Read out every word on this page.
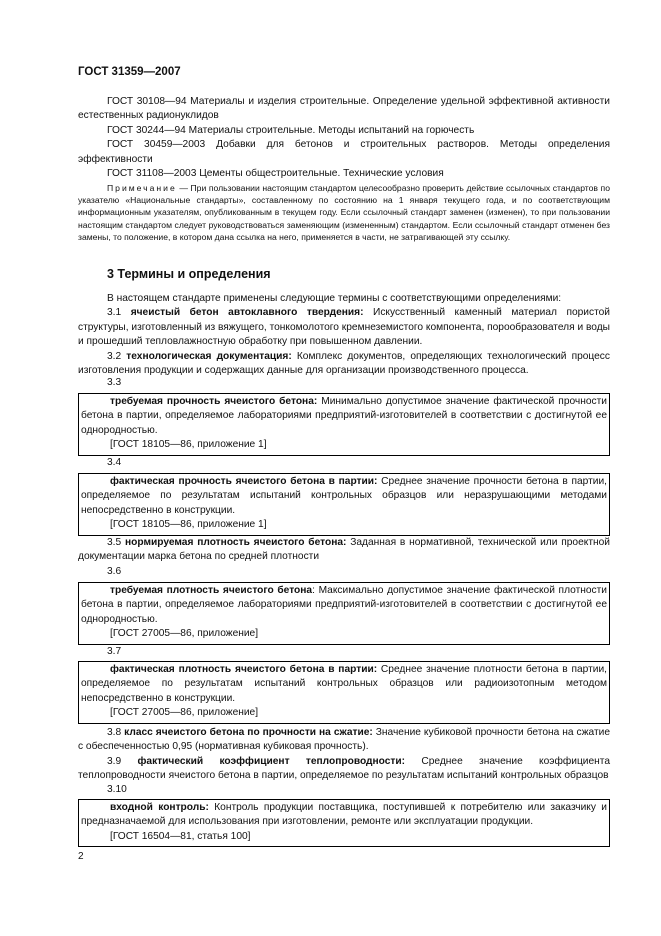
ГОСТ 31359—2007

ГОСТ 30108—94 Материалы и изделия строительные. Определение удельной эффективной активности естественных радионуклидов

ГОСТ 30244—94 Материалы строительные. Методы испытаний на горючесть

ГОСТ 30459—2003 Добавки для бетонов и строительных растворов. Методы определения эффективности

ГОСТ 31108—2003 Цементы общестроительные. Технические условия

Примечание — При пользовании настоящим стандартом целесообразно проверить действие ссылочных стандартов по указателю «Национальные стандарты», составленному по состоянию на 1 января текущего года, и по соответствующим информационным указателям, опубликованным в текущем году. Если ссылочный стандарт заменен (изменен), то при пользовании настоящим стандартом следует руководствоваться заменяющим (измененным) стандартом. Если ссылочный стандарт отменен без замены, то положение, в котором дана ссылка на него, применяется в части, не затрагивающей эту ссылку.
3 Термины и определения

В настоящем стандарте применены следующие термины с соответствующими определениями:

3.1 ячеистый бетон автоклавного твердения: Искусственный каменный материал пористой структуры, изготовленный из вяжущего, тонкомолотого кремнеземистого компонента, порообразователя и воды и прошедший тепловлажностную обработку при повышенном давлении.

3.2 технологическая документация: Комплекс документов, определяющих технологический процесс изготовления продукции и содержащих данные для организации производственного процесса.

3.3

требуемая прочность ячеистого бетона: Минимально допустимое значение фактической прочности бетона в партии, определяемое лабораториями предприятий-изготовителей в соответствии с достигнутой ее однородностью.

[ГОСТ 18105—86, приложение 1]

3.4

фактическая прочность ячеистого бетона в партии: Среднее значение прочности бетона в партии, определяемое по результатам испытаний контрольных образцов или неразрушающими методами непосредственно в конструкции.

[ГОСТ 18105—86, приложение 1]

3.5 нормируемая плотность ячеистого бетона: Заданная в нормативной, технической или проектной документации марка бетона по средней плотности

3.6

требуемая плотность ячеистого бетона: Максимально допустимое значение фактической плотности бетона в партии, определяемое лабораториями предприятий-изготовителей в соответствии с достигнутой ее однородностью.

[ГОСТ 27005—86, приложение]

3.7

фактическая плотность ячеистого бетона в партии: Среднее значение плотности бетона в партии, определяемое по результатам испытаний контрольных образцов или радиоизотопным методом непосредственно в конструкции.

[ГОСТ 27005—86, приложение]

3.8 класс ячеистого бетона по прочности на сжатие: Значение кубиковой прочности бетона на сжатие с обеспеченностью 0,95 (нормативная кубиковая прочность).

3.9 фактический коэффициент теплопроводности: Среднее значение коэффициента теплопроводности ячеистого бетона в партии, определяемое по результатам испытаний контрольных образцов

3.10

входной контроль: Контроль продукции поставщика, поступившей к потребителю или заказчику и предназначаемой для использования при изготовлении, ремонте или эксплуатации продукции.

[ГОСТ 16504—81, статья 100]

2
